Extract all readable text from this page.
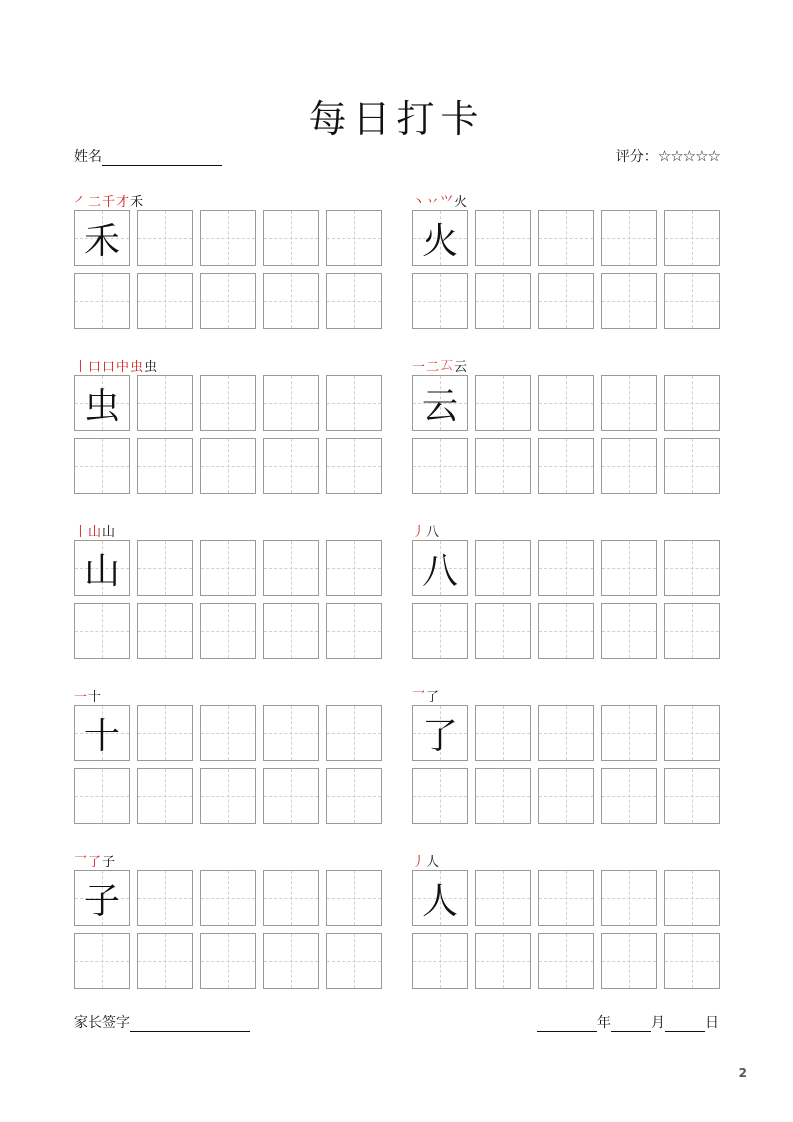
每日打卡
姓名	评分： ☆☆☆☆☆
㇒ 二 千 才 禾
禾
丶 丷 𭕄 火
火
丨 口 口 中 虫 虫
虫
一 二 𠫔 云
云
丨 山 山
山
丿 八
八
一 十
十
乛 了
了
乛 了 子
子
丿 人
人
家长签字	年	月	日
2
